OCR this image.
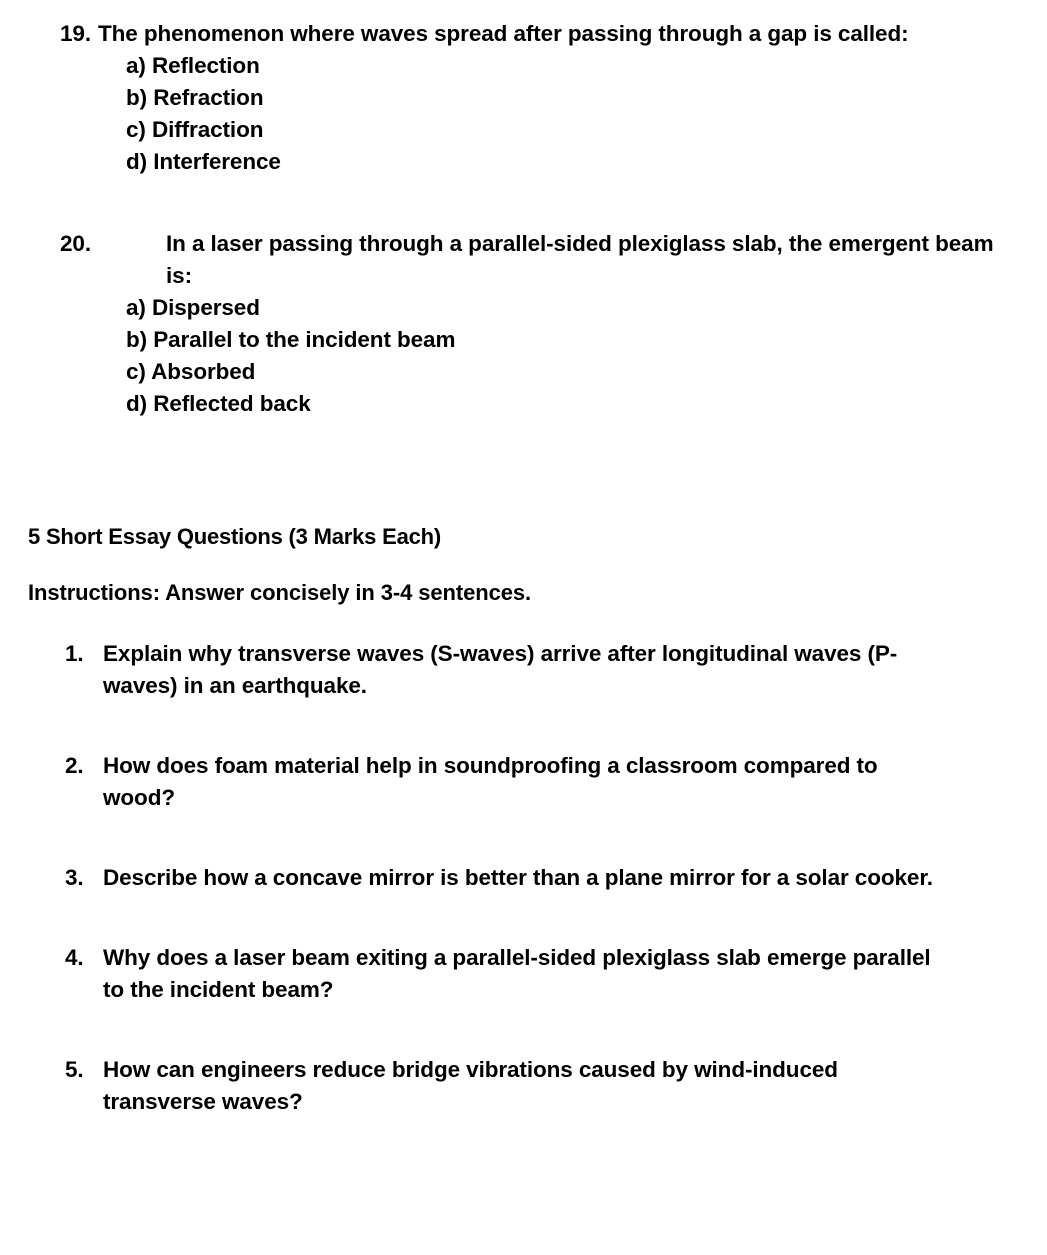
19. The phenomenon where waves spread after passing through a gap is called:
a) Reflection
b) Refraction
c) Diffraction
d) Interference
20.	In a laser passing through a parallel-sided plexiglass slab, the emergent beam is:
a) Dispersed
b) Parallel to the incident beam
c) Absorbed
d) Reflected back
5 Short Essay Questions (3 Marks Each)
Instructions: Answer concisely in 3-4 sentences.
1. Explain why transverse waves (S-waves) arrive after longitudinal waves (P-waves) in an earthquake.
2. How does foam material help in soundproofing a classroom compared to wood?
3. Describe how a concave mirror is better than a plane mirror for a solar cooker.
4. Why does a laser beam exiting a parallel-sided plexiglass slab emerge parallel to the incident beam?
5. How can engineers reduce bridge vibrations caused by wind-induced transverse waves?
